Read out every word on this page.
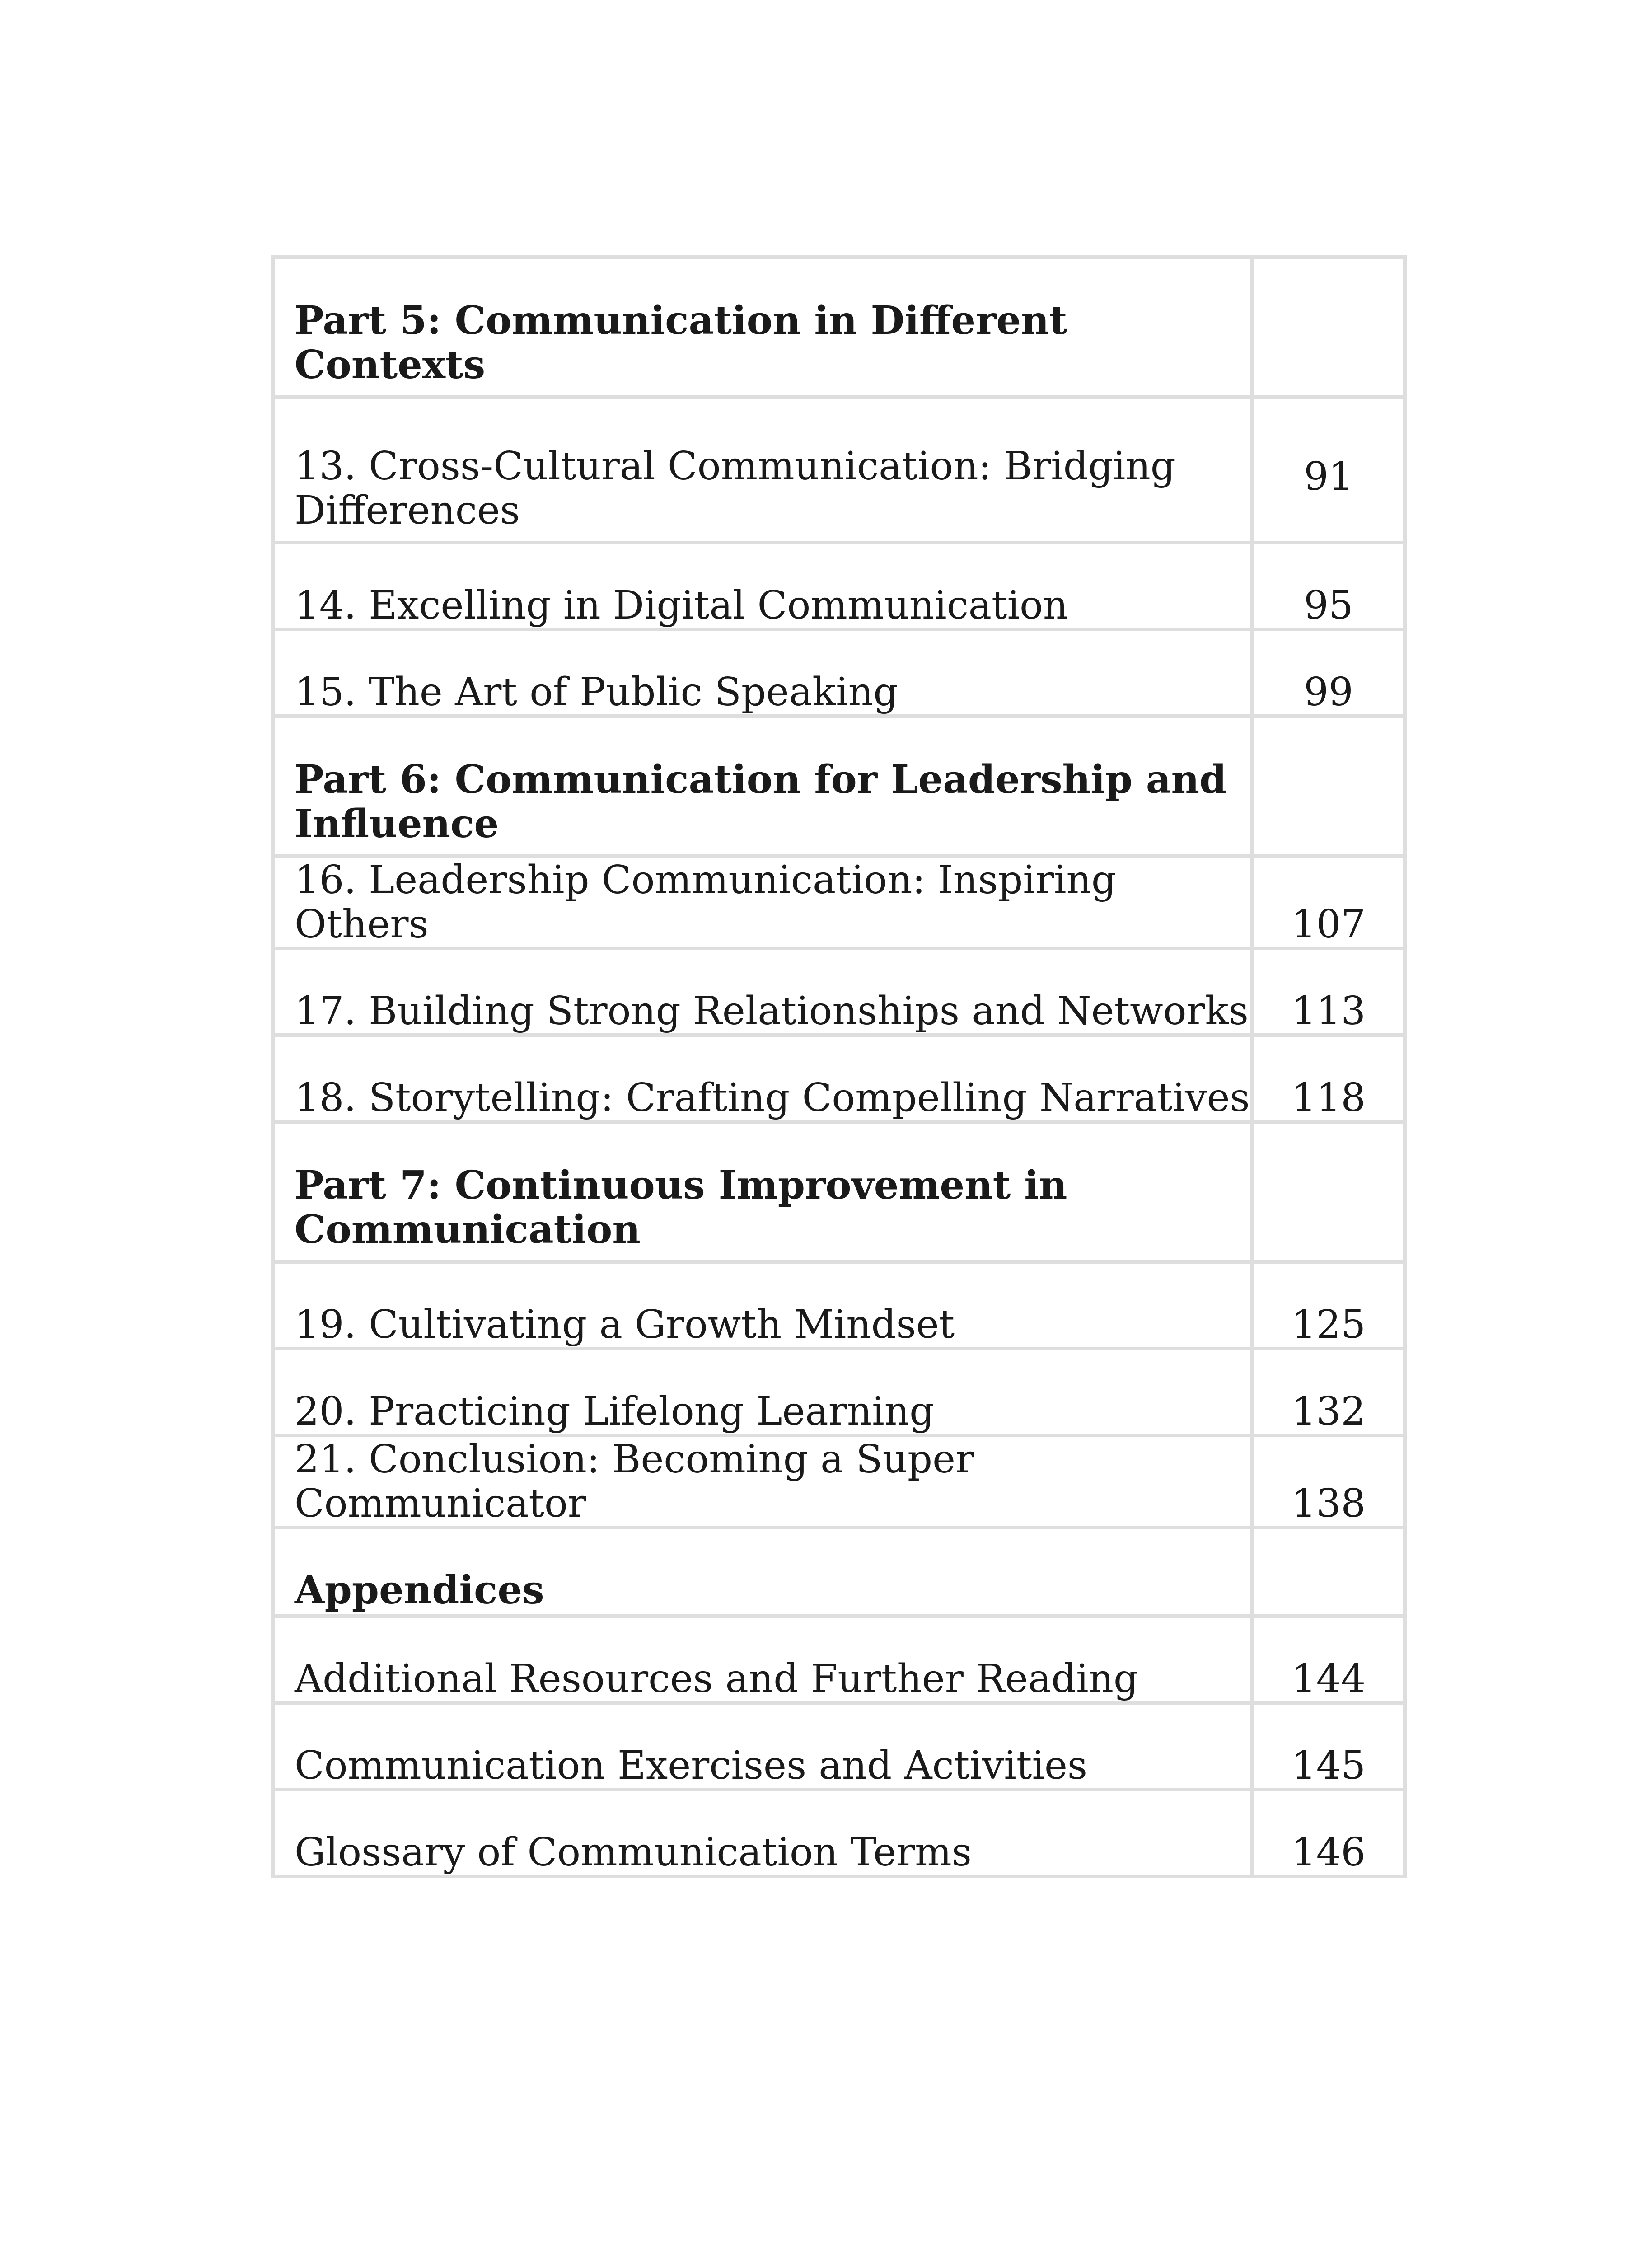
Part 5: Communication in Different Contexts	
13. Cross-Cultural Communication: Bridging Differences	91
14. Excelling in Digital Communication	95
15. The Art of Public Speaking	99
Part 6: Communication for Leadership and Influence	
16. Leadership Communication: Inspiring Others	107
17. Building Strong Relationships and Networks	113
18. Storytelling: Crafting Compelling Narratives	118
Part 7: Continuous Improvement in Communication	
19. Cultivating a Growth Mindset	125
20. Practicing Lifelong Learning	132
21. Conclusion: Becoming a Super Communicator	138
Appendices	
Additional Resources and Further Reading	144
Communication Exercises and Activities	145
Glossary of Communication Terms	146
